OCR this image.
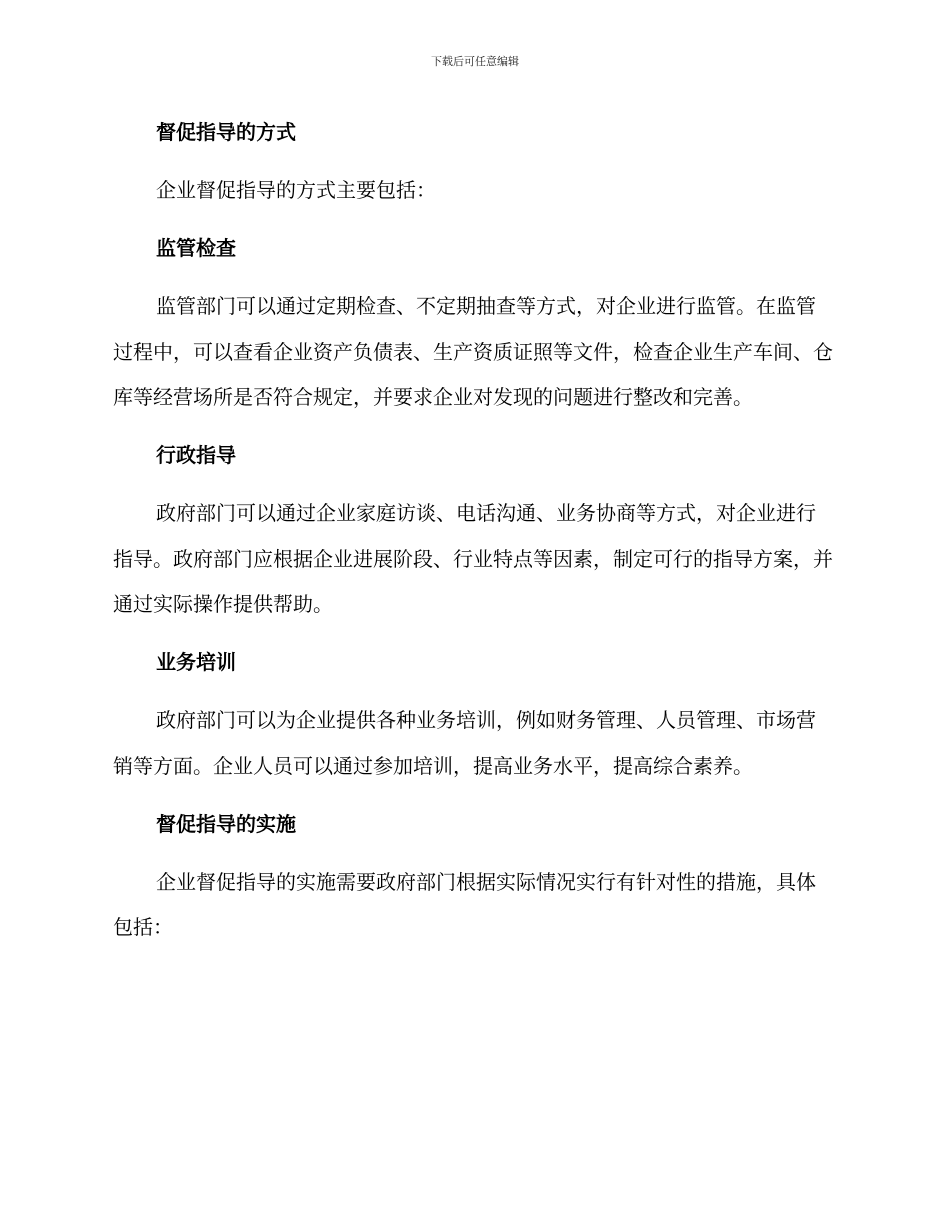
下载后可任意编辑

督促指导的方式

企业督促指导的方式主要包括：

监管检查

监管部门可以通过定期检查、不定期抽查等方式，对企业进行监管。在监管过程中，可以查看企业资产负债表、生产资质证照等文件，检查企业生产车间、仓库等经营场所是否符合规定，并要求企业对发现的问题进行整改和完善。

行政指导

政府部门可以通过企业家庭访谈、电话沟通、业务协商等方式，对企业进行指导。政府部门应根据企业进展阶段、行业特点等因素，制定可行的指导方案，并通过实际操作提供帮助。

业务培训

政府部门可以为企业提供各种业务培训，例如财务管理、人员管理、市场营销等方面。企业人员可以通过参加培训，提高业务水平，提高综合素养。

督促指导的实施

企业督促指导的实施需要政府部门根据实际情况实行有针对性的措施，具体包括：
